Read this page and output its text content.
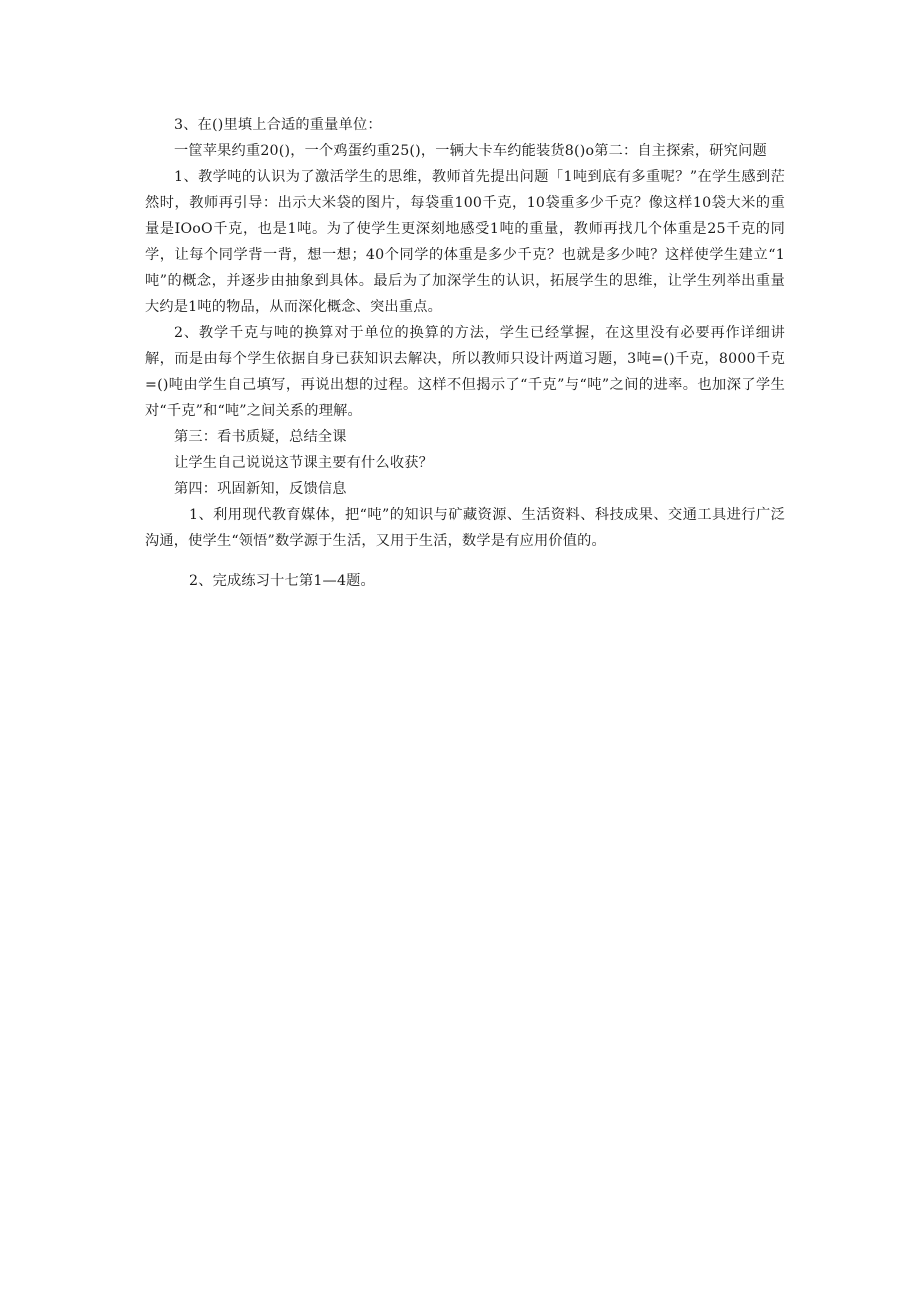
3、在()里填上合适的重量单位：

一筐苹果约重20()，一个鸡蛋约重25()，一辆大卡车约能装货8()o第二：自主探索，研究问题

1、教学吨的认识为了激活学生的思维，教师首先提出问题「1吨到底有多重呢？”在学生感到茫然时，教师再引导：出示大米袋的图片，每袋重100千克，10袋重多少千克？像这样10袋大米的重量是IOoO千克，也是1吨。为了使学生更深刻地感受1吨的重量，教师再找几个体重是25千克的同学，让每个同学背一背，想一想；40个同学的体重是多少千克？也就是多少吨？这样使学生建立“1吨”的概念，并逐步由抽象到具体。最后为了加深学生的认识，拓展学生的思维，让学生列举出重量大约是1吨的物品，从而深化概念、突出重点。

2、教学千克与吨的换算对于单位的换算的方法，学生已经掌握，在这里没有必要再作详细讲解，而是由每个学生依据自身已获知识去解决，所以教师只设计两道习题，3吨=()千克，8000千克=()吨由学生自己填写，再说出想的过程。这样不但揭示了“千克”与“吨”之间的进率。也加深了学生对“千克”和“吨”之间关系的理解。

第三：看书质疑，总结全课

让学生自己说说这节课主要有什么收获？

第四：巩固新知，反馈信息

1、利用现代教育媒体，把“吨”的知识与矿藏资源、生活资料、科技成果、交通工具进行广泛沟通，使学生“领悟”数学源于生活，又用于生活，数学是有应用价值的。

2、完成练习十七第1—4题。
